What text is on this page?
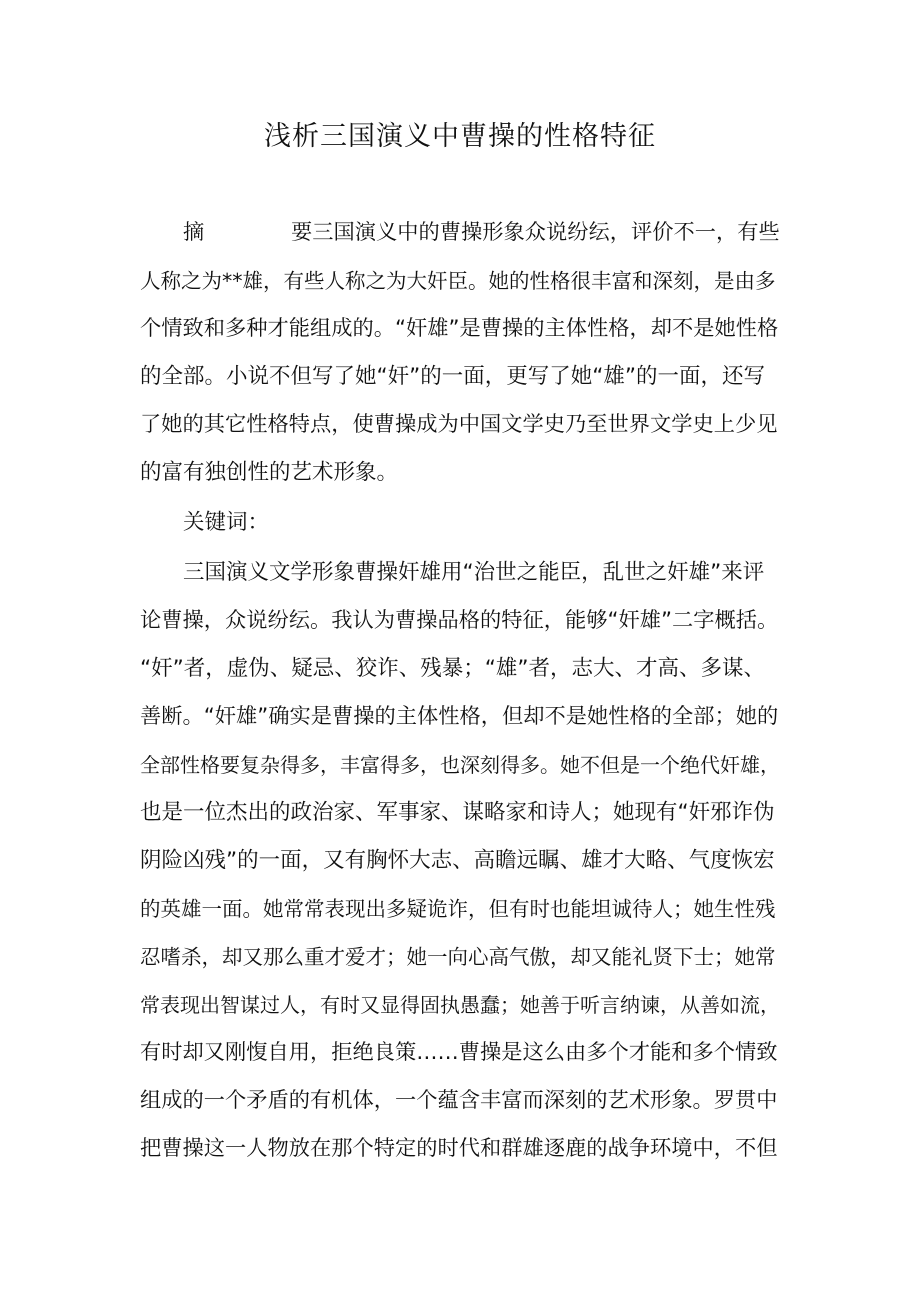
浅析三国演义中曹操的性格特征
摘	要三国演义中的曹操形象众说纷纭，评价不一，有些
人称之为**雄，有些人称之为大奸臣。她的性格很丰富和深刻，是由多
个情致和多种才能组成的。“奸雄”是曹操的主体性格，却不是她性格
的全部。小说不但写了她“奸”的一面，更写了她“雄”的一面，还写
了她的其它性格特点，使曹操成为中国文学史乃至世界文学史上少见
的富有独创性的艺术形象。
关键词：
三国演义文学形象曹操奸雄用“治世之能臣，乱世之奸雄”来评
论曹操，众说纷纭。我认为曹操品格的特征，能够“奸雄”二字概括。
“奸”者，虚伪、疑忌、狡诈、残暴；“雄”者，志大、才高、多谋、
善断。“奸雄”确实是曹操的主体性格，但却不是她性格的全部；她的
全部性格要复杂得多，丰富得多，也深刻得多。她不但是一个绝代奸雄，
也是一位杰出的政治家、军事家、谋略家和诗人；她现有“奸邪诈伪
阴险凶残”的一面，又有胸怀大志、高瞻远瞩、雄才大略、气度恢宏
的英雄一面。她常常表现出多疑诡诈，但有时也能坦诚待人；她生性残
忍嗜杀，却又那么重才爱才；她一向心高气傲，却又能礼贤下士；她常
常表现出智谋过人，有时又显得固执愚蠢；她善于听言纳谏，从善如流，
有时却又刚愎自用，拒绝良策……曹操是这么由多个才能和多个情致
组成的一个矛盾的有机体，一个蕴含丰富而深刻的艺术形象。罗贯中
把曹操这一人物放在那个特定的时代和群雄逐鹿的战争环境中，不但
